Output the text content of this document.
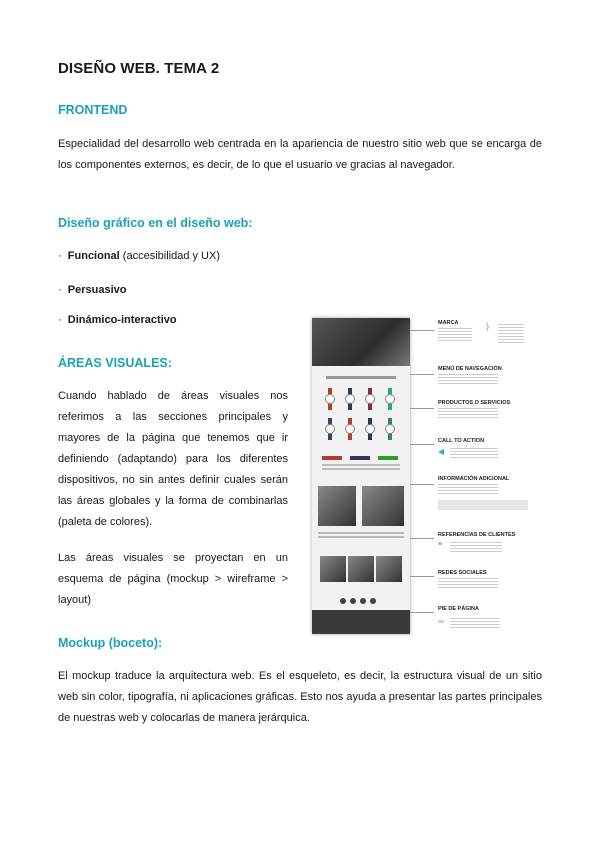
DISEÑO WEB. TEMA 2
FRONTEND
Especialidad del desarrollo web centrada en la apariencia de nuestro sitio web que se encarga de los componentes externos, es decir, de lo que el usuario ve gracias al navegador.
Diseño gráfico en el diseño web:
·  Funcional (accesibilidad y UX)
·  Persuasivo
·  Dinámico-interactivo
ÁREAS VISUALES:
Cuando hablado de áreas visuales nos referimos a las secciones principales y mayores de la página que tenemos que ir definiendo (adaptando) para los diferentes dispositivos, no sin antes definir cuales serán las áreas globales y la forma de combinarlas (paleta de colores).
Las áreas visuales se proyectan en un esquema de página (mockup > wireframe > layout)
MARCA	)
MENÚ DE NAVEGACIÓN
PRODUCTOS O SERVICIOS
CALL TO ACTION
◀
INFORMACIÓN ADICIONAL
REFERENCIAS DE CLIENTES
❝
REDES SOCIALES
PIE DE PÁGINA
∞
Mockup (boceto):
El mockup traduce la arquitectura web. Es el esqueleto, es decir, la estructura visual de un sitio web sin color, tipografía, ni aplicaciones gráficas. Esto nos ayuda a presentar las partes principales de nuestras web y colocarlas de manera jerárquica.
